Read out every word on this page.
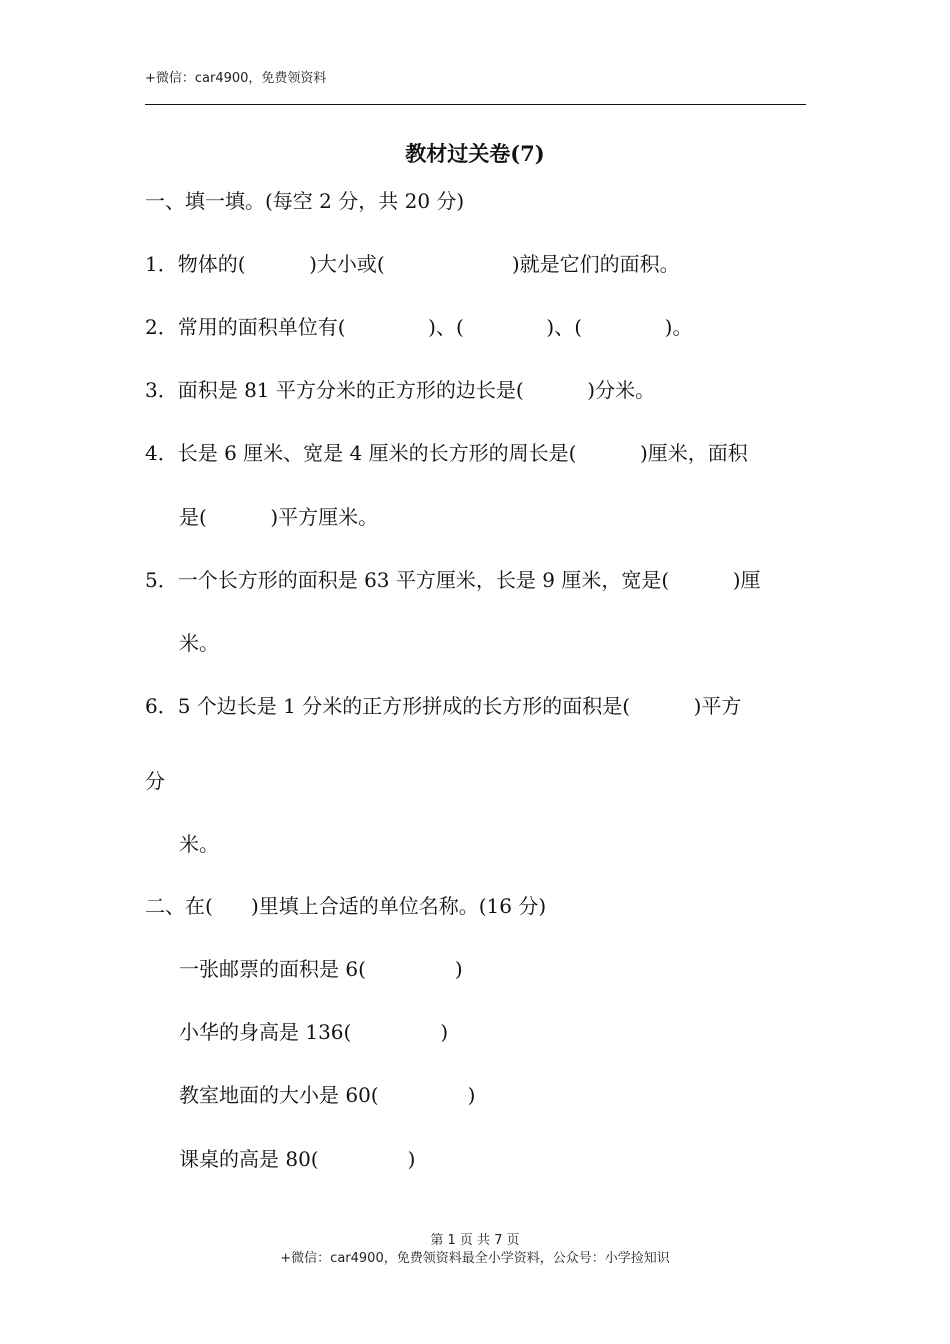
+微信：car4900，免费领资料
教材过关卷(7)
一、填一填。(每空 2 分，共 20 分)
1．物体的(          )大小或(                    )就是它们的面积。
2．常用的面积单位有(             )、(             )、(             )。
3．面积是 81 平方分米的正方形的边长是(          )分米。
4．长是 6 厘米、宽是 4 厘米的长方形的周长是(          )厘米，面积
是(          )平方厘米。
5．一个长方形的面积是 63 平方厘米，长是 9 厘米，宽是(          )厘
米。
6．5 个边长是 1 分米的正方形拼成的长方形的面积是(          )平方
分
米。
二、在(      )里填上合适的单位名称。(16 分)
一张邮票的面积是 6(              )
小华的身高是 136(              )
教室地面的大小是 60(              )
课桌的高是 80(              )
第 1 页 共 7 页
+微信：car4900，免费领资料最全小学资料，公众号：小学捡知识
